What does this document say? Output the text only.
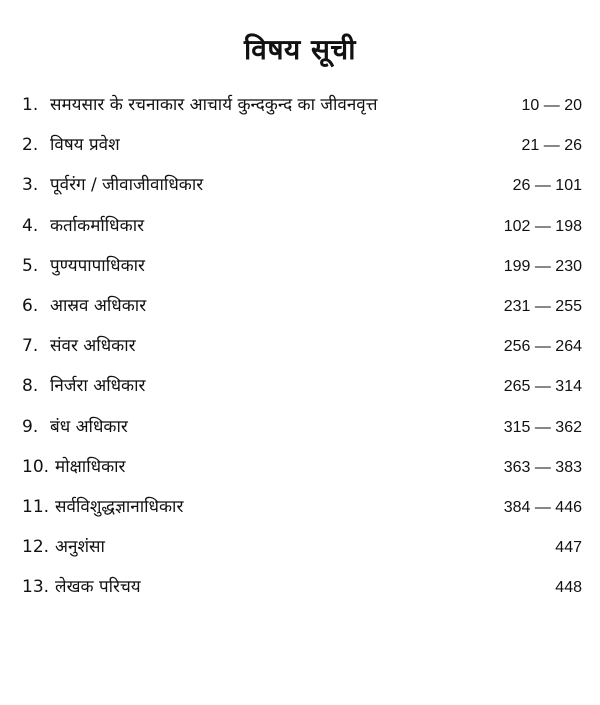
विषय सूची
1. समयसार के रचनाकार आचार्य कुन्दकुन्द का जीवनवृत्त	10 — 20
2. विषय प्रवेश	21 — 26
3. पूर्वरंग / जीवाजीवाधिकार	26 — 101
4. कर्ताकर्माधिकार	102 — 198
5. पुण्यपापाधिकार	199 — 230
6. आस्रव अधिकार	231 — 255
7. संवर अधिकार	256 — 264
8. निर्जरा अधिकार	265 — 314
9. बंध अधिकार	315 — 362
10. मोक्षाधिकार	363 — 383
11. सर्वविशुद्धज्ञानाधिकार	384 — 446
12. अनुशंसा	447
13. लेखक परिचय	448
